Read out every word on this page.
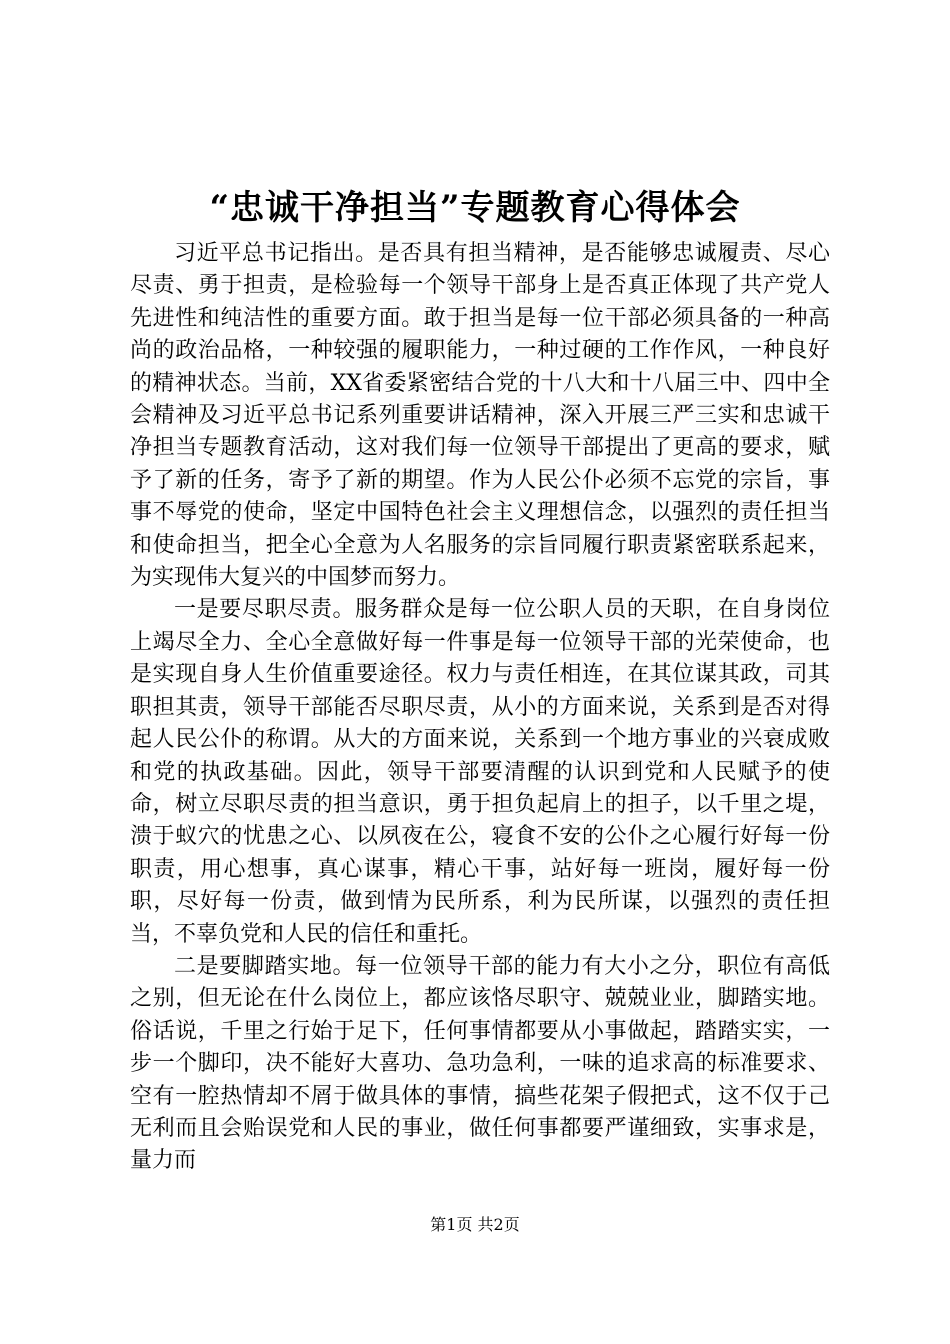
“忠诚干净担当”专题教育心得体会

习近平总书记指出。是否具有担当精神，是否能够忠诚履责、尽心尽责、勇于担责，是检验每一个领导干部身上是否真正体现了共产党人先进性和纯洁性的重要方面。敢于担当是每一位干部必须具备的一种高尚的政治品格，一种较强的履职能力，一种过硬的工作作风，一种良好的精神状态。当前，XX省委紧密结合党的十八大和十八届三中、四中全会精神及习近平总书记系列重要讲话精神，深入开展三严三实和忠诚干净担当专题教育活动，这对我们每一位领导干部提出了更高的要求，赋予了新的任务，寄予了新的期望。作为人民公仆必须不忘党的宗旨，事事不辱党的使命，坚定中国特色社会主义理想信念，以强烈的责任担当和使命担当，把全心全意为人名服务的宗旨同履行职责紧密联系起来，为实现伟大复兴的中国梦而努力。

一是要尽职尽责。服务群众是每一位公职人员的天职，在自身岗位上竭尽全力、全心全意做好每一件事是每一位领导干部的光荣使命，也是实现自身人生价值重要途径。权力与责任相连，在其位谋其政，司其职担其责，领导干部能否尽职尽责，从小的方面来说，关系到是否对得起人民公仆的称谓。从大的方面来说，关系到一个地方事业的兴衰成败和党的执政基础。因此，领导干部要清醒的认识到党和人民赋予的使命，树立尽职尽责的担当意识，勇于担负起肩上的担子，以千里之堤，溃于蚁穴的忧患之心、以夙夜在公，寝食不安的公仆之心履行好每一份职责，用心想事，真心谋事，精心干事，站好每一班岗，履好每一份职，尽好每一份责，做到情为民所系，利为民所谋，以强烈的责任担当，不辜负党和人民的信任和重托。

二是要脚踏实地。每一位领导干部的能力有大小之分，职位有高低之别，但无论在什么岗位上，都应该恪尽职守、兢兢业业，脚踏实地。俗话说，千里之行始于足下，任何事情都要从小事做起，踏踏实实，一步一个脚印，决不能好大喜功、急功急利，一味的追求高的标准要求、空有一腔热情却不屑于做具体的事情，搞些花架子假把式，这不仅于己无利而且会贻误党和人民的事业，做任何事都要严谨细致，实事求是，量力而

第1页 共2页
